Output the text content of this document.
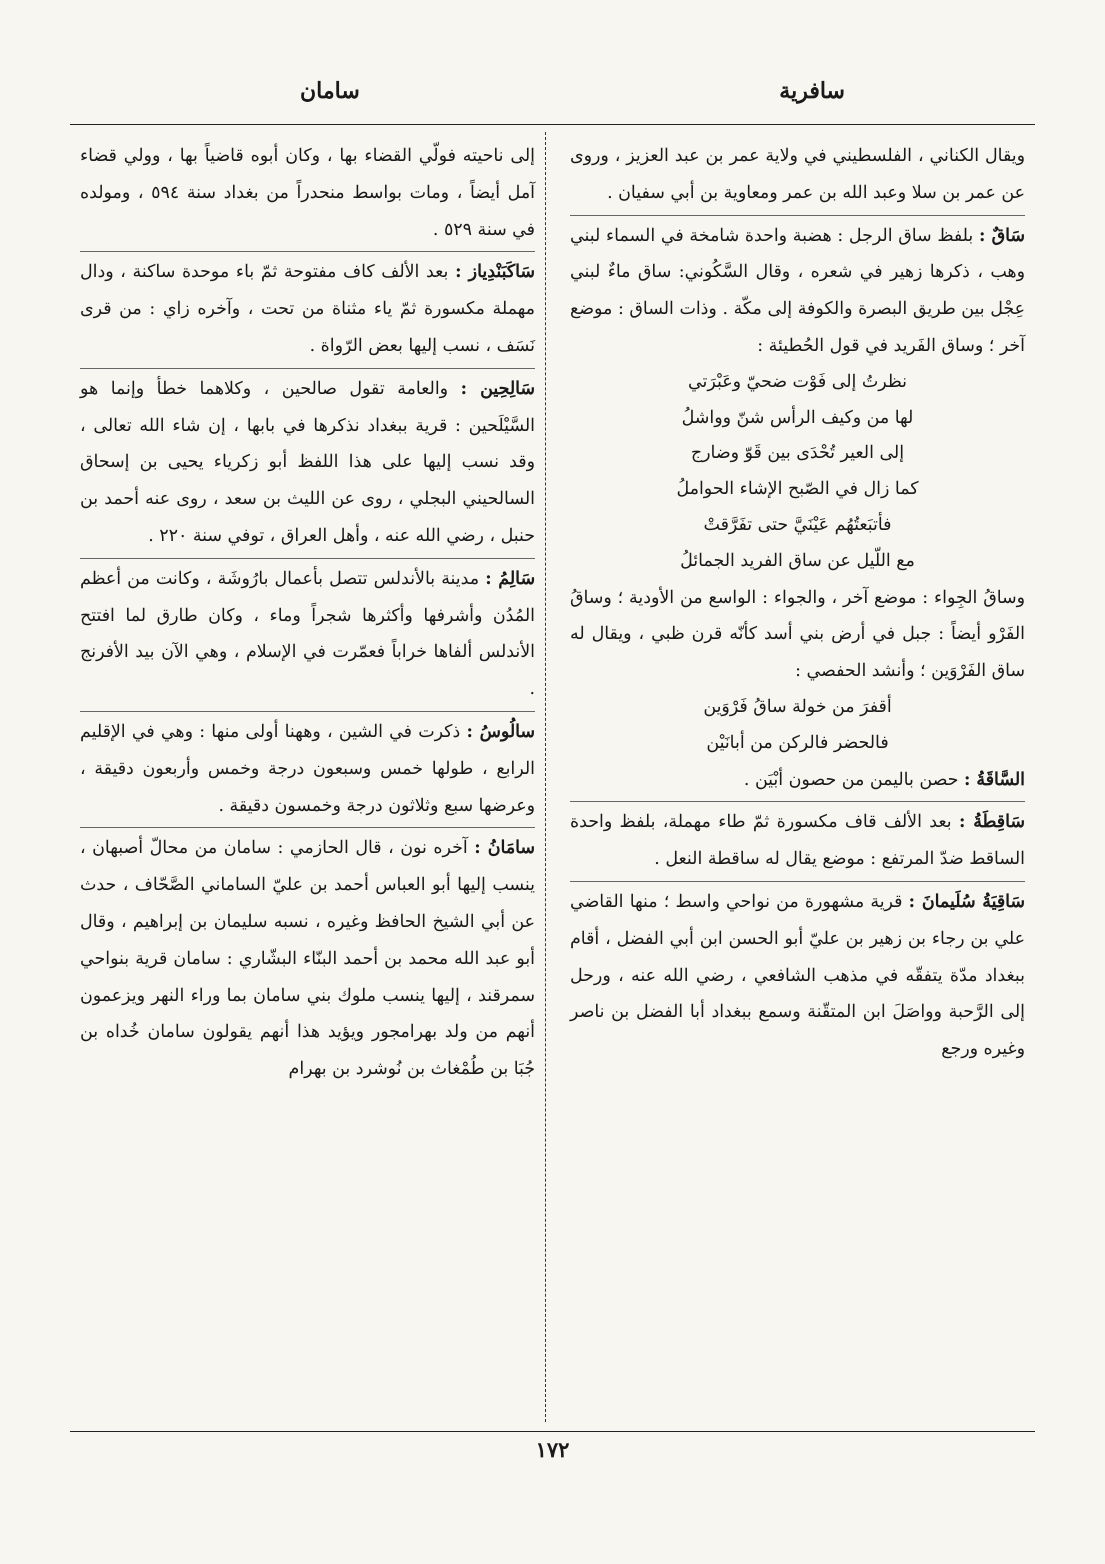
سافرية
سامان

ويقال الكناني ، الفلسطيني في ولاية عمر بن عبد العزيز ، وروى عن عمر بن سلا وعبد الله بن عمر ومعاوية بن أبي سفيان .

سَاقٌ : بلفظ ساق الرجل : هضبة واحدة شامخة في السماء لبني وهب ، ذكرها زهير في شعره ، وقال السَّكُوني: ساق ماءٌ لبني عِجْل بين طريق البصرة والكوفة إلى مكّة . وذات الساق : موضع آخر ؛ وساق الفَريد في قول الحُطيئة :

نظرتُ إلى فَوْت ضحيّ وعَبْرَتي
لها من وكيف الرأس شنّ وواشلُ
إلى العير تُحْدَى بين قَوّ وضارج
كما زال في الصّبح الإشاء الحواملُ
فأتبَعتُهُم عَيْنَيَّ حتى تفَرَّقتْ
مع اللّيل عن ساق الفريد الجمائلُ

وساقُ الجِواء : موضع آخر ، والجواء : الواسع من الأودية ؛ وساقُ الفَرْو أيضاً : جبل في أرض بني أسد كأنّه قرن ظبي ، ويقال له ساق الفَرْوَين ؛ وأنشد الحفصي :

أقفرَ من خولة ساقُ فَرْوَين
فالحضر فالركن من أبانَيْن

السَّاقَةُ : حصن باليمن من حصون أبْيَن .

سَاقِطَةُ : بعد الألف قاف مكسورة ثمّ طاء مهملة، بلفظ واحدة الساقط ضدّ المرتفع : موضع يقال له ساقطة النعل .

سَاقِيَةُ سُلَيمانَ : قرية مشهورة من نواحي واسط ؛ منها القاضي علي بن رجاء بن زهير بن عليّ أبو الحسن ابن أبي الفضل ، أقام ببغداد مدّة يتفقّه في مذهب الشافعي ، رضي الله عنه ، ورحل إلى الرَّحبة وواصَلَ ابن المتقّنة وسمع ببغداد أبا الفضل بن ناصر وغيره ورجع

إلى ناحيته فولّي القضاء بها ، وكان أبوه قاضياً بها ، وولي قضاء آمل أيضاً ، ومات بواسط منحدراً من بغداد سنة ٥٩٤ ، ومولده في سنة ٥٢٩ .

سَاكَبَنْدِياز : بعد الألف كاف مفتوحة ثمّ باء موحدة ساكنة ، ودال مهملة مكسورة ثمّ ياء مثناة من تحت ، وآخره زاي : من قرى نَسَف ، نسب إليها بعض الرّواة .

سَالِحِين : والعامة تقول صالحين ، وكلاهما خطأ وإنما هو السَّيْلَحين : قرية ببغداد نذكرها في بابها ، إن شاء الله تعالى ، وقد نسب إليها على هذا اللفظ أبو زكرياء يحيى بن إسحاق السالحيني البجلي ، روى عن الليث بن سعد ، روى عنه أحمد بن حنبل ، رضي الله عنه ، وأهل العراق ، توفي سنة ٢٢٠ .

سَالِمُ : مدينة بالأندلس تتصل بأعمال بارُوشَة ، وكانت من أعظم المُدُن وأشرفها وأكثرها شجراً وماء ، وكان طارق لما افتتح الأندلس ألفاها خراباً فعمّرت في الإسلام ، وهي الآن بيد الأفرنج .

سالُوسُ : ذكرت في الشين ، وههنا أولى منها : وهي في الإقليم الرابع ، طولها خمس وسبعون درجة وخمس وأربعون دقيقة ، وعرضها سبع وثلاثون درجة وخمسون دقيقة .

سامَانُ : آخره نون ، قال الحازمي : سامان من محالّ أصبهان ، ينسب إليها أبو العباس أحمد بن عليّ الساماني الصَّحّاف ، حدث عن أبي الشيخ الحافظ وغيره ، نسبه سليمان بن إبراهيم ، وقال أبو عبد الله محمد بن أحمد البنّاء البشّاري : سامان قرية بنواحي سمرقند ، إليها ينسب ملوك بني سامان بما وراء النهر ويزعمون أنهم من ولد بهرامجور ويؤيد هذا أنهم يقولون سامان خُداه بن جُبَا بن طُمْغاث بن نُوشرد بن بهرام

١٧٢
